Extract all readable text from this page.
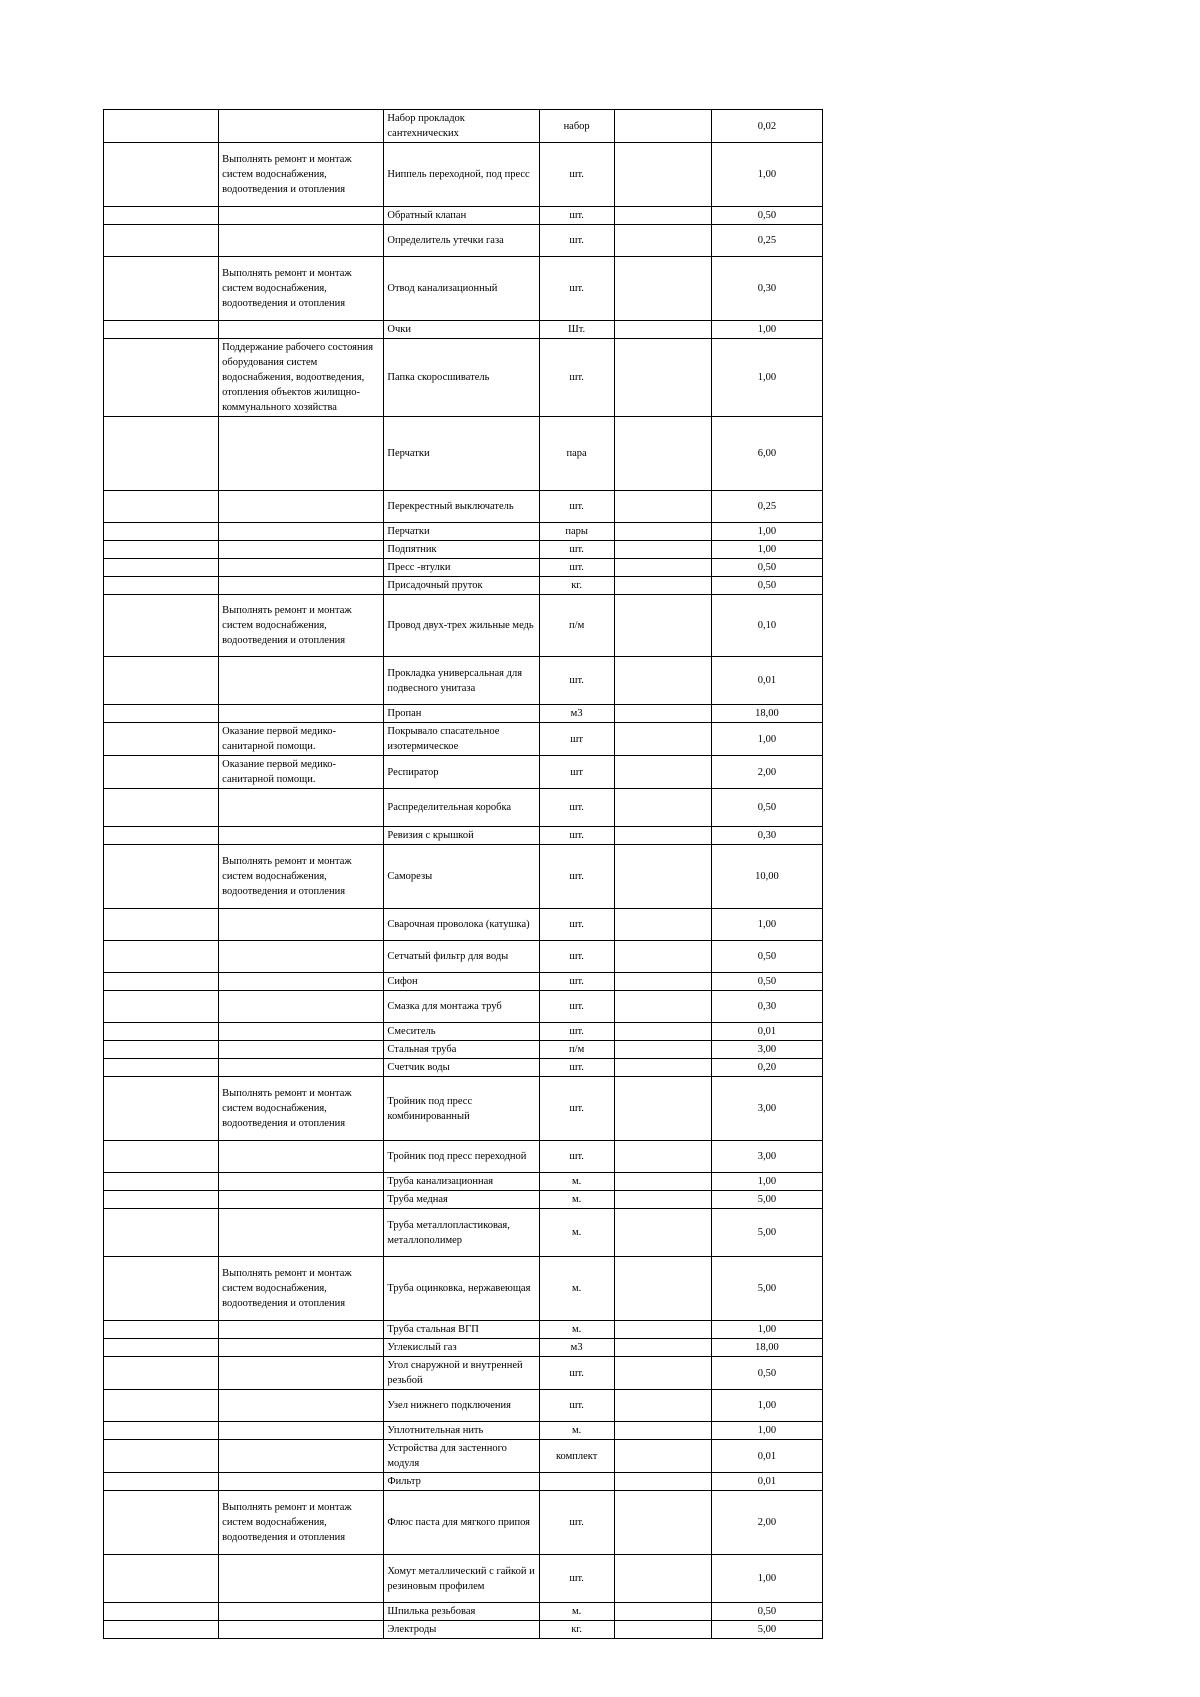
		Набор прокладок сантехнических	набор		0,02
	Выполнять ремонт и монтаж систем водоснабжения, водоотведения и отопления	Ниппель переходной, под пресс	шт.		1,00
		Обратный клапан	шт.		0,50
		Определитель утечки газа	шт.		0,25
	Выполнять ремонт и монтаж систем водоснабжения, водоотведения и отопления	Отвод канализационный	шт.		0,30
		Очки	Шт.		1,00
	Поддержание рабочего состояния оборудования систем водоснабжения, водоотведения, отопления объектов жилищно-коммунального хозяйства	Папка скоросшиватель	шт.		1,00
		Перчатки	пара		6,00
		Перекрестный выключатель	шт.		0,25
		Перчатки	пары		1,00
		Подпятник	шт.		1,00
		Пресс -втулки	шт.		0,50
		Присадочный пруток	кг.		0,50
	Выполнять ремонт и монтаж систем водоснабжения, водоотведения и отопления	Провод двух-трех жильные медь	п/м		0,10
		Прокладка универсальная для подвесного унитаза	шт.		0,01
		Пропан	м3		18,00
	Оказание первой медико-санитарной помощи.	Покрывало спасательное изотермическое	шт		1,00
	Оказание первой медико-санитарной помощи.	Респиратор	шт		2,00
		Распределительная коробка	шт.		0,50
		Ревизия с крышкой	шт.		0,30
	Выполнять ремонт и монтаж систем водоснабжения, водоотведения и отопления	Саморезы	шт.		10,00
		Сварочная проволока (катушка)	шт.		1,00
		Сетчатый фильтр для воды	шт.		0,50
		Сифон	шт.		0,50
		Смазка для монтажа труб	шт.		0,30
		Смеситель	шт.		0,01
		Стальная труба	п/м		3,00
		Счетчик воды	шт.		0,20
	Выполнять ремонт и монтаж систем водоснабжения, водоотведения и отопления	Тройник под пресс комбинированный	шт.		3,00
		Тройник под пресс переходной	шт.		3,00
		Труба канализационная	м.		1,00
		Труба медная	м.		5,00
		Труба металлопластиковая, металлополимер	м.		5,00
	Выполнять ремонт и монтаж систем водоснабжения, водоотведения и отопления	Труба оцинковка, нержавеющая	м.		5,00
		Труба стальная ВГП	м.		1,00
		Углекислый газ	м3		18,00
		Угол снаружной и внутренней резьбой	шт.		0,50
		Узел нижнего подключения	шт.		1,00
		Уплотнительная нить	м.		1,00
		Устройства для застенного модуля	комплект		0,01
		Фильтр			0,01
	Выполнять ремонт и монтаж систем водоснабжения, водоотведения и отопления	Флюс паста для мягкого припоя	шт.		2,00
		Хомут металлический с гайкой и резиновым профилем	шт.		1,00
		Шпилька резьбовая	м.		0,50
		Электроды	кг.		5,00
